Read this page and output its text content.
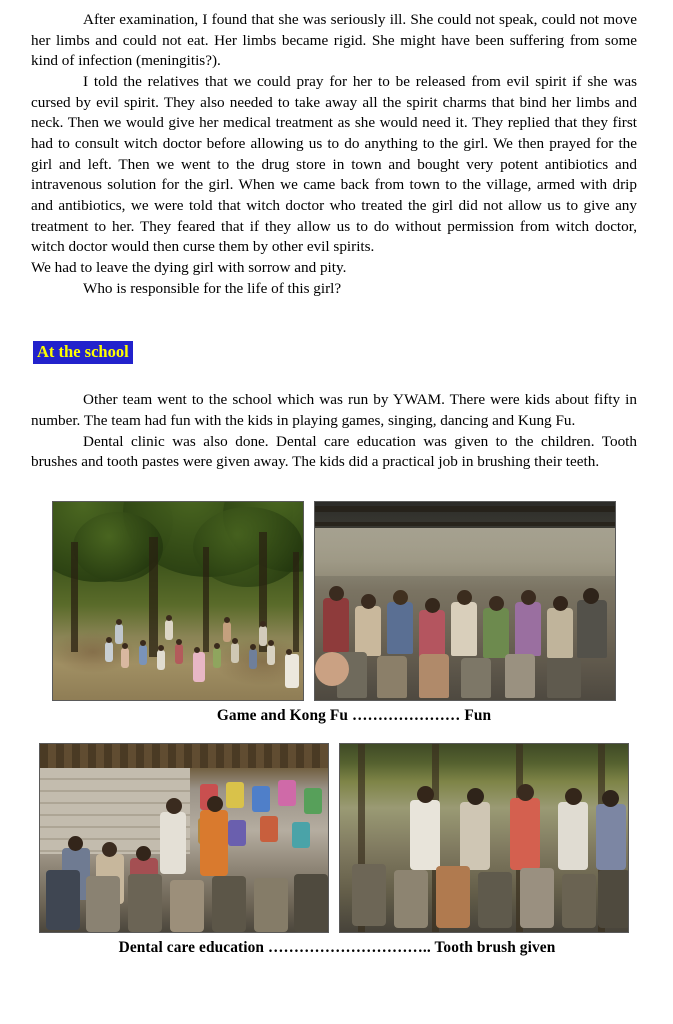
After examination, I found that she was seriously ill. She could not speak, could not move her limbs and could not eat. Her limbs became rigid. She might have been suffering from some kind of infection (meningitis?).

I told the relatives that we could pray for her to be released from evil spirit if she was cursed by evil spirit. They also needed to take away all the spirit charms that bind her limbs and neck. Then we would give her medical treatment as she would need it. They replied that they first had to consult witch doctor before allowing us to do anything to the girl. We then prayed for the girl and left. Then we went to the drug store in town and bought very potent antibiotics and intravenous solution for the girl. When we came back from town to the village, armed with drip and antibiotics, we were told that witch doctor who treated the girl did not allow us to give any treatment to her. They feared that if they allow us to do without permission from witch doctor, witch doctor would then curse them by other evil spirits.

We had to leave the dying girl with sorrow and pity.

Who is responsible for the life of this girl?

At the school

Other team went to the school which was run by YWAM. There were kids about fifty in number. The team had fun with the kids in playing games, singing, dancing and Kung Fu.

Dental clinic was also done. Dental care education was given to the children. Tooth brushes and tooth pastes were given away. The kids did a practical job in brushing their teeth.

Game and Kong Fu ………………… Fun
Dental care education ………………………….. Tooth brush given
